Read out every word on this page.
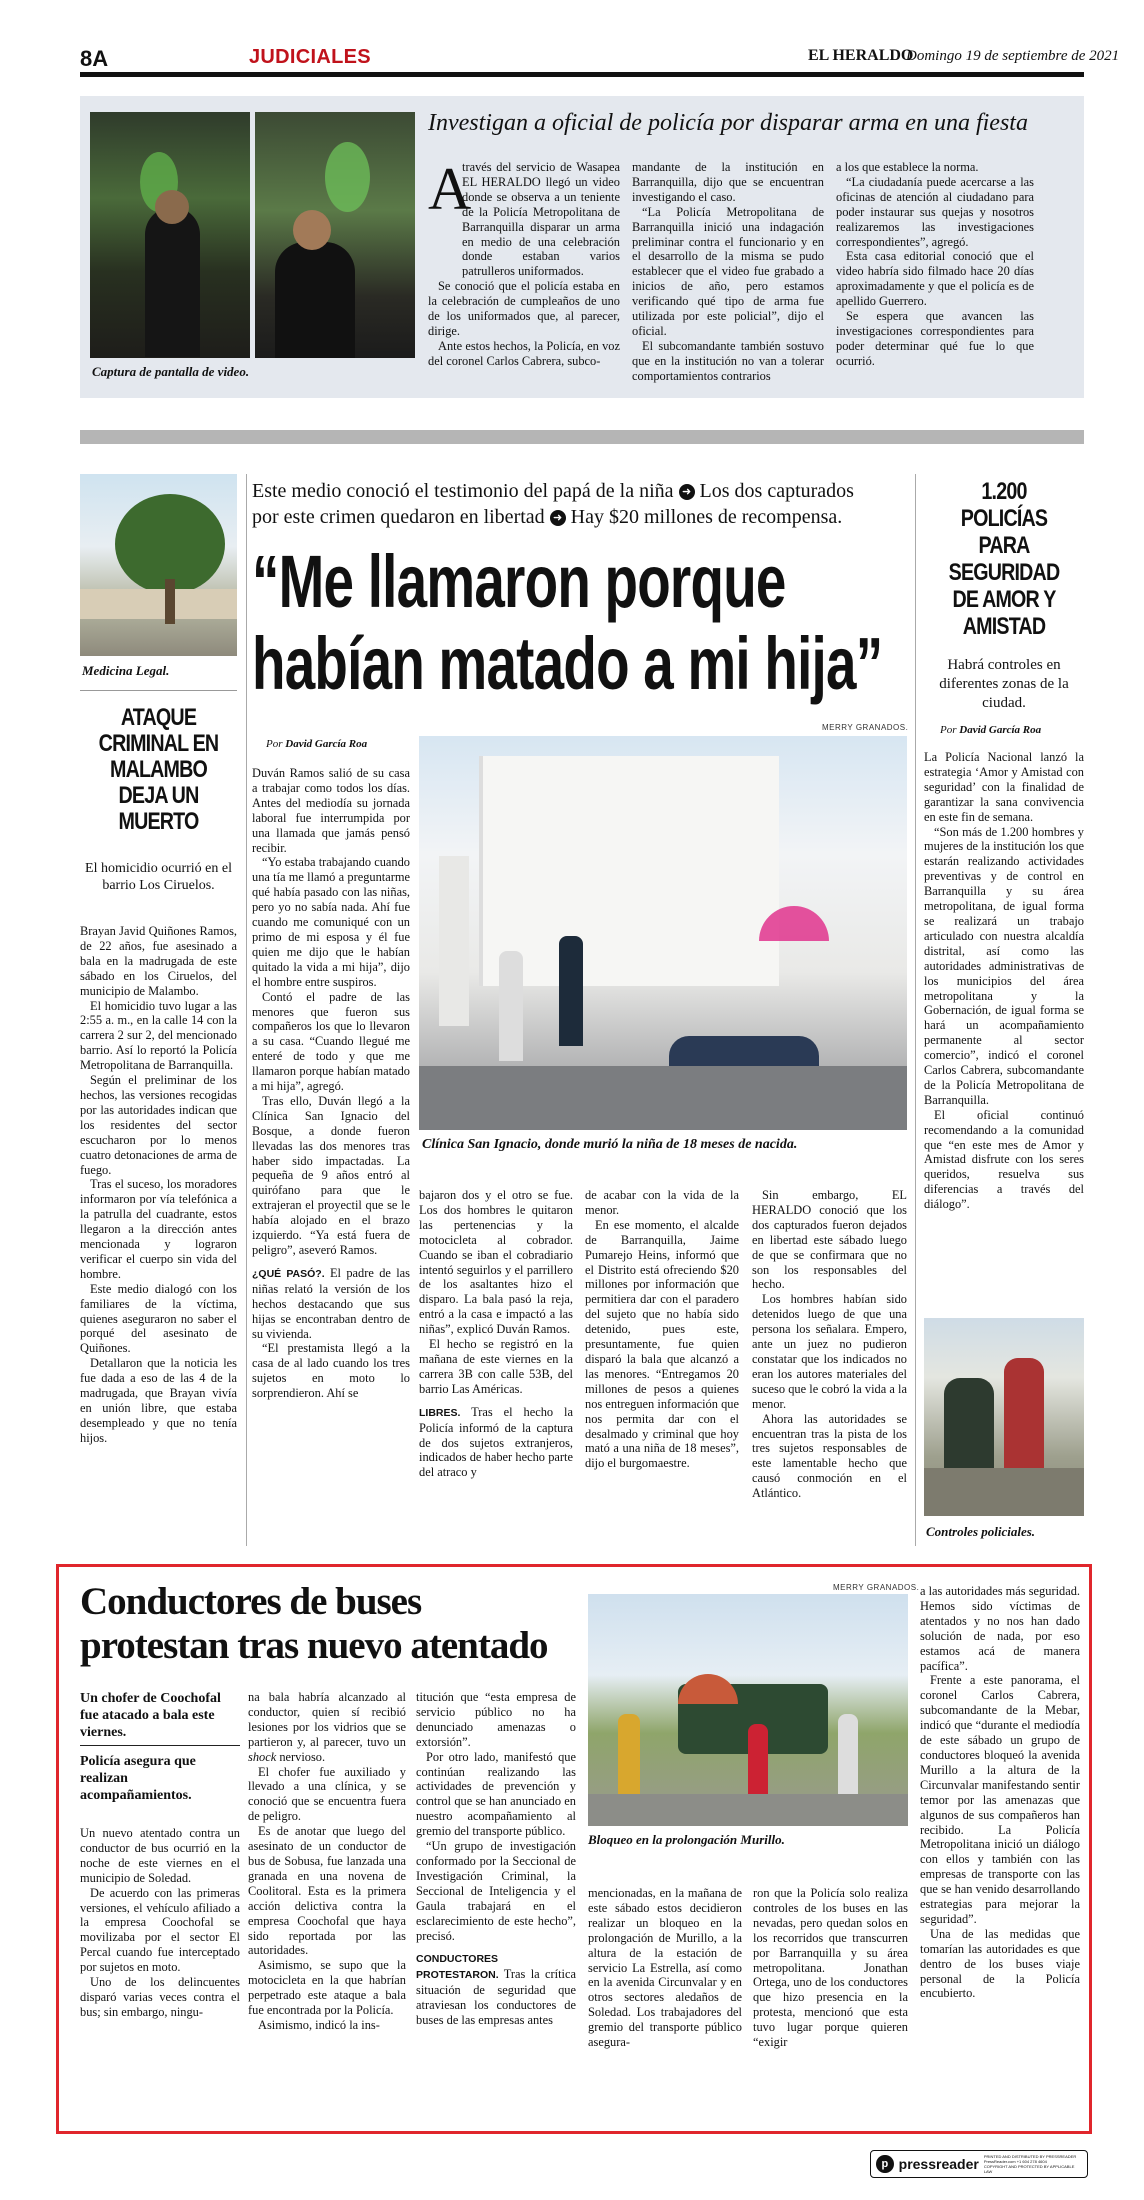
8A	JUDICIALES	EL HERALDO
Domingo 19 de septiembre de 2021
Captura de pantalla de video.
Investigan a oficial de policía por disparar arma en una fiesta
A

través del servicio de Wasapea EL HERALDO llegó un video donde se observa a un teniente de la Policía Metropolitana de Barranquilla disparar un arma en medio de una celebración donde estaban varios patrulleros uniformados.

Se conoció que el policía estaba en la celebración de cumpleaños de uno de los uniformados que, al parecer, dirige.

Ante estos hechos, la Policía, en voz del coronel Carlos Cabrera, subco-

mandante de la institución en Barranquilla, dijo que se encuentran investigando el caso.

“La Policía Metropolitana de Barranquilla inició una indagación preliminar contra el funcionario y en el desarrollo de la misma se pudo establecer que el video fue grabado a inicios de año, pero estamos verificando qué tipo de arma fue utilizada por este policial”, dijo el oficial.

El subcomandante también sostuvo que en la institución no van a tolerar comportamientos contrarios

a los que establece la norma.

“La ciudadanía puede acercarse a las oficinas de atención al ciudadano para poder instaurar sus quejas y nosotros realizaremos las investigaciones correspondientes”, agregó.

Esta casa editorial conoció que el video habría sido filmado hace 20 días aproximadamente y que el policía es de apellido Guerrero.

Se espera que avancen las investigaciones correspondientes para poder determinar qué fue lo que ocurrió.

Medicina Legal.
ATAQUE CRIMINAL EN MALAMBO DEJA UN MUERTO
El homicidio ocurrió en el barrio Los Ciruelos.

Brayan Javid Quiñones Ramos, de 22 años, fue asesinado a bala en la madrugada de este sábado en los Ciruelos, del municipio de Malambo.

El homicidio tuvo lugar a las 2:55 a. m., en la calle 14 con la carrera 2 sur 2, del mencionado barrio. Así lo reportó la Policía Metropolitana de Barranquilla.

Según el preliminar de los hechos, las versiones recogidas por las autoridades indican que los residentes del sector escucharon por lo menos cuatro detonaciones de arma de fuego.

Tras el suceso, los moradores informaron por vía telefónica a la patrulla del cuadrante, estos llegaron a la dirección antes mencionada y lograron verificar el cuerpo sin vida del hombre.

Este medio dialogó con los familiares de la víctima, quienes aseguraron no saber el porqué del asesinato de Quiñones.

Detallaron que la noticia les fue dada a eso de las 4 de la madrugada, que Brayan vivía en unión libre, que estaba desempleado y que no tenía hijos.

Este medio conoció el testimonio del papá de la niña ➜ Los dos capturados
por este crimen quedaron en libertad ➜ Hay $20 millones de recompensa.
“Me llamaron porque
habían matado a mi hija”
Por David García Roa
MERRY GRANADOS.
Clínica San Ignacio, donde murió la niña de 18 meses de nacida.

Duván Ramos salió de su casa a trabajar como todos los días. Antes del mediodía su jornada laboral fue interrumpida por una llamada que jamás pensó recibir.

“Yo estaba trabajando cuando una tía me llamó a preguntarme qué había pasado con las niñas, pero yo no sabía nada. Ahí fue cuando me comuniqué con un primo de mi esposa y él fue quien me dijo que le habían quitado la vida a mi hija”, dijo el hombre entre suspiros.

Contó el padre de las menores que fueron sus compañeros los que lo llevaron a su casa. “Cuando llegué me enteré de todo y que me llamaron porque habían matado a mi hija”, agregó.

Tras ello, Duván llegó a la Clínica San Ignacio del Bosque, a donde fueron llevadas las dos menores tras haber sido impactadas. La pequeña de 9 años entró al quirófano para que le extrajeran el proyectil que se le había alojado en el brazo izquierdo. “Ya está fuera de peligro”, aseveró Ramos.

¿QUÉ PASÓ?. El padre de las niñas relató la versión de los hechos destacando que sus hijas se encontraban dentro de su vivienda.

“El prestamista llegó a la casa de al lado cuando los tres sujetos en moto lo sorprendieron. Ahí se

bajaron dos y el otro se fue. Los dos hombres le quitaron las pertenencias y la motocicleta al cobrador. Cuando se iban el cobradiario intentó seguirlos y el parrillero de los asaltantes hizo el disparo. La bala pasó la reja, entró a la casa e impactó a las niñas”, explicó Duván Ramos.

El hecho se registró en la mañana de este viernes en la carrera 3B con calle 53B, del barrio Las Américas.

LIBRES. Tras el hecho la Policía informó de la captura de dos sujetos extranjeros, indicados de haber hecho parte del atraco y

de acabar con la vida de la menor.

En ese momento, el alcalde de Barranquilla, Jaime Pumarejo Heins, informó que el Distrito está ofreciendo $20 millones por información que permitiera dar con el paradero del sujeto que no había sido detenido, pues este, presuntamente, fue quien disparó la bala que alcanzó a las menores. “Entregamos 20 millones de pesos a quienes nos entreguen información que nos permita dar con el desalmado y criminal que hoy mató a una niña de 18 meses”, dijo el burgomaestre.

Sin embargo, EL HERALDO conoció que los dos capturados fueron dejados en libertad este sábado luego de que se confirmara que no son los responsables del hecho.

Los hombres habían sido detenidos luego de que una persona los señalara. Empero, ante un juez no pudieron constatar que los indicados no eran los autores materiales del suceso que le cobró la vida a la menor.

Ahora las autoridades se encuentran tras la pista de los tres sujetos responsables de este lamentable hecho que causó conmoción en el Atlántico.

1.200 POLICÍAS PARA SEGURIDAD DE AMOR Y AMISTAD
Habrá controles en diferentes zonas de la ciudad.
Por David García Roa

La Policía Nacional lanzó la estrategia ‘Amor y Amistad con seguridad’ con la finalidad de garantizar la sana convivencia en este fin de semana.

“Son más de 1.200 hombres y mujeres de la institución los que estarán realizando actividades preventivas y de control en Barranquilla y su área metropolitana, de igual forma se realizará un trabajo articulado con nuestra alcaldía distrital, así como las autoridades administrativas de los municipios del área metropolitana y la Gobernación, de igual forma se hará un acompañamiento permanente al sector comercio”, indicó el coronel Carlos Cabrera, subcomandante de la Policía Metropolitana de Barranquilla.

El oficial continuó recomendando a la comunidad que “en este mes de Amor y Amistad disfrute con los seres queridos, resuelva sus diferencias a través del diálogo”.

Controles policiales.
Conductores de buses
protestan tras nuevo atentado
Un chofer de Coochofal fue atacado a bala este viernes.
Policía asegura que realizan acompañamientos.

Un nuevo atentado contra un conductor de bus ocurrió en la noche de este viernes en el municipio de Soledad.

De acuerdo con las primeras versiones, el vehículo afiliado a la empresa Coochofal se movilizaba por el sector El Percal cuando fue interceptado por sujetos en moto.

Uno de los delincuentes disparó varias veces contra el bus; sin embargo, ningu-

na bala habría alcanzado al conductor, quien sí recibió lesiones por los vidrios que se partieron y, al parecer, tuvo un shock nervioso.

El chofer fue auxiliado y llevado a una clínica, y se conoció que se encuentra fuera de peligro.

Es de anotar que luego del asesinato de un conductor de bus de Sobusa, fue lanzada una granada en una novena de Coolitoral. Esta es la primera acción delictiva contra la empresa Coochofal que haya sido reportada por las autoridades.

Asimismo, se supo que la motocicleta en la que habrían perpetrado este ataque a bala fue encontrada por la Policía.

Asimismo, indicó la ins-

titución que “esta empresa de servicio público no ha denunciado amenazas o extorsión”.

Por otro lado, manifestó que continúan realizando las actividades de prevención y control que se han anunciado en nuestro acompañamiento al gremio del transporte público.

“Un grupo de investigación conformado por la Seccional de Investigación Criminal, la Seccional de Inteligencia y el Gaula trabajará en el esclarecimiento de este hecho”, precisó.

CONDUCTORES PROTESTARON. Tras la crítica situación de seguridad que atraviesan los conductores de buses de las empresas antes

MERRY GRANADOS.
Bloqueo en la prolongación Murillo.

mencionadas, en la mañana de este sábado estos decidieron realizar un bloqueo en la prolongación de Murillo, a la altura de la estación de servicio La Estrella, así como en la avenida Circunvalar y en otros sectores aledaños de Soledad. Los trabajadores del gremio del transporte público asegura-

ron que la Policía solo realiza controles de los buses en las nevadas, pero quedan solos en los recorridos que transcurren por Barranquilla y su área metropolitana. Jonathan Ortega, uno de los conductores que hizo presencia en la protesta, mencionó que esta tuvo lugar porque quieren “exigir

a las autoridades más seguridad. Hemos sido víctimas de atentados y no nos han dado solución de nada, por eso estamos acá de manera pacífica”.

Frente a este panorama, el coronel Carlos Cabrera, subcomandante de la Mebar, indicó que “durante el mediodía de este sábado un grupo de conductores bloqueó la avenida Murillo a la altura de la Circunvalar manifestando sentir temor por las amenazas que algunos de sus compañeros han recibido. La Policía Metropolitana inició un diálogo con ellos y también con las empresas de transporte con las que se han venido desarrollando estrategias para mejorar la seguridad”.

Una de las medidas que tomarían las autoridades es que dentro de los buses viaje personal de la Policía encubierto.

p pressreader PRINTED AND DISTRIBUTED BY PRESSREADER
PressReader.com +1 604 278 4604
COPYRIGHT AND PROTECTED BY APPLICABLE LAW
